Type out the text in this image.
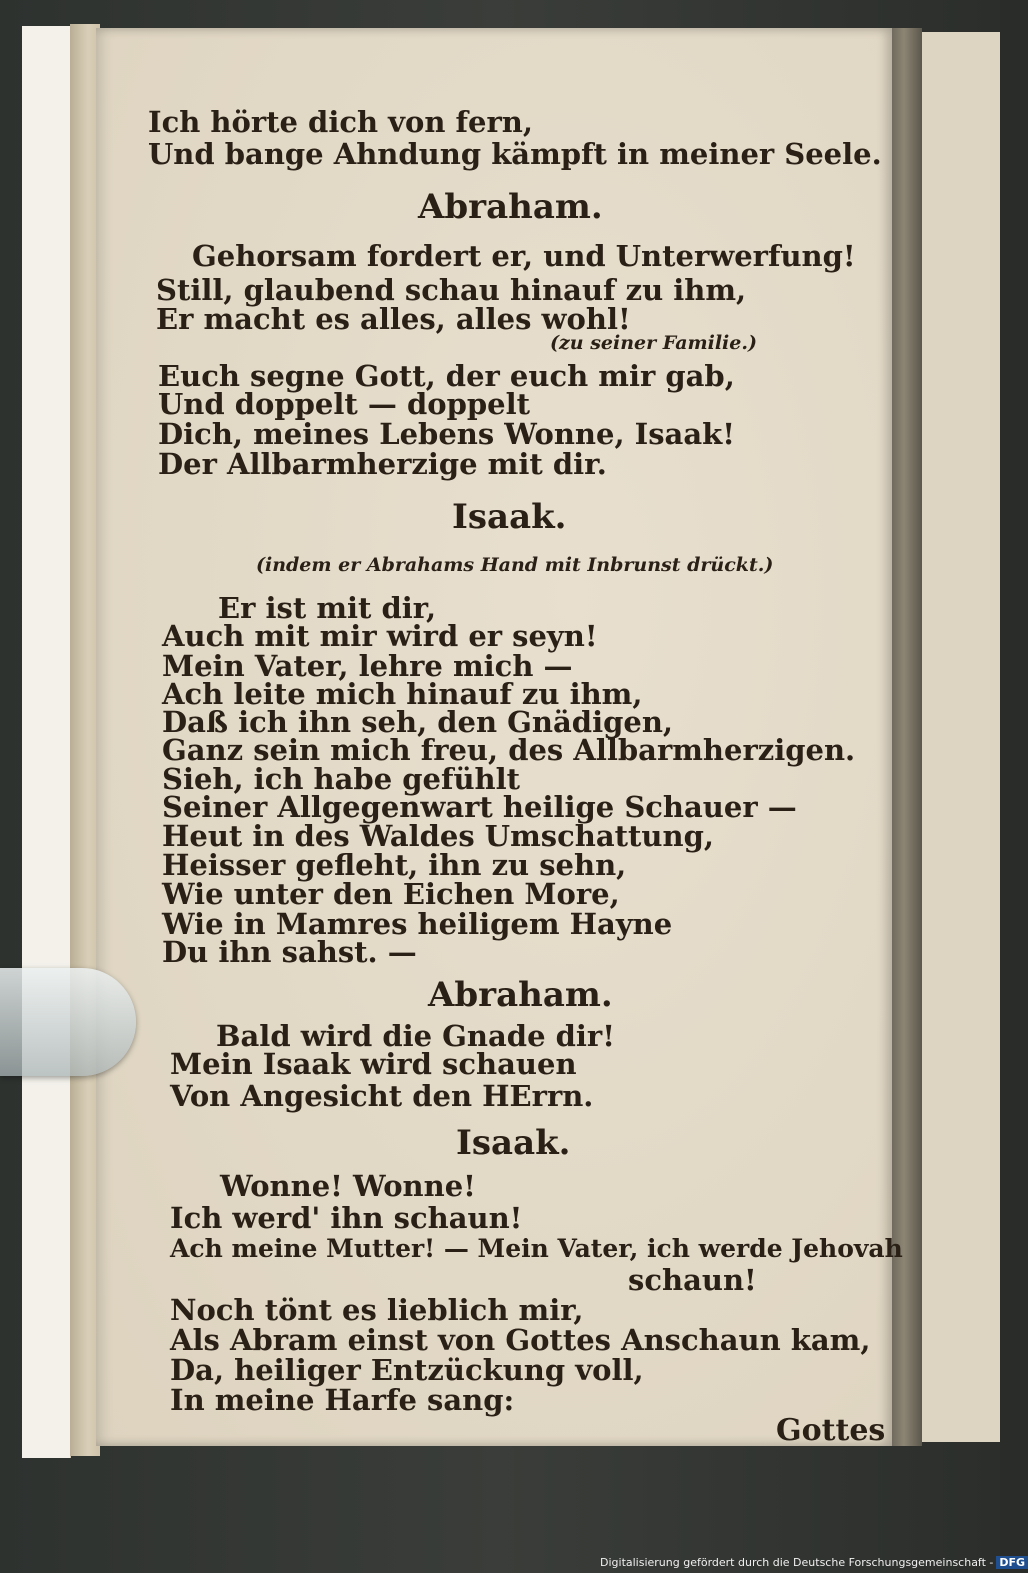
Ich hörte dich von fern,
Und bange Ahndung kämpft in meiner Seele.
Abraham.
Gehorsam fordert er, und Unterwerfung!
Still, glaubend schau hinauf zu ihm,
Er macht es alles, alles wohl!
(zu seiner Familie.)
Euch segne Gott, der euch mir gab,
Und doppelt — doppelt
Dich, meines Lebens Wonne, Isaak!
Der Allbarmherzige mit dir.
Isaak.
(indem er Abrahams Hand mit Inbrunst drückt.)
Er ist mit dir,
Auch mit mir wird er seyn!
Mein Vater, lehre mich —
Ach leite mich hinauf zu ihm,
Daß ich ihn seh, den Gnädigen,
Ganz sein mich freu, des Allbarmherzigen.
Sieh, ich habe gefühlt
Seiner Allgegenwart heilige Schauer —
Heut in des Waldes Umschattung,
Heisser gefleht, ihn zu sehn,
Wie unter den Eichen More,
Wie in Mamres heiligem Hayne
Du ihn sahst. —
Abraham.
Bald wird die Gnade dir!
Mein Isaak wird schauen
Von Angesicht den HErrn.
Isaak.
Wonne! Wonne!
Ich werd' ihn schaun!
Ach meine Mutter! — Mein Vater, ich werde Jehovah
schaun!
Noch tönt es lieblich mir,
Als Abram einst von Gottes Anschaun kam,
Da, heiliger Entzückung voll,
In meine Harfe sang:
Gottes
Digitalisierung gefördert durch die Deutsche Forschungsgemeinschaft - DFG
